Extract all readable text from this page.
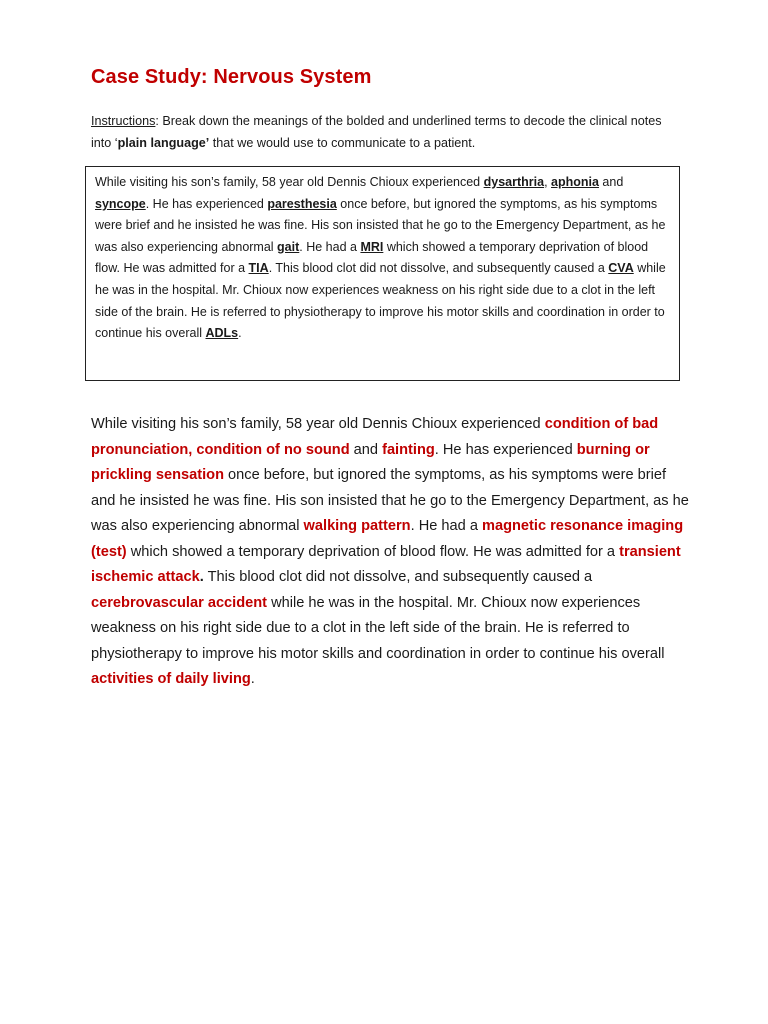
Case Study: Nervous System
Instructions: Break down the meanings of the bolded and underlined terms to decode the clinical notes into ‘plain language’ that we would use to communicate to a patient.
While visiting his son’s family, 58 year old Dennis Chioux experienced dysarthria, aphonia and syncope. He has experienced paresthesia once before, but ignored the symptoms, as his symptoms were brief and he insisted he was fine. His son insisted that he go to the Emergency Department, as he was also experiencing abnormal gait. He had a MRI which showed a temporary deprivation of blood flow. He was admitted for a TIA. This blood clot did not dissolve, and subsequently caused a CVA while he was in the hospital. Mr. Chioux now experiences weakness on his right side due to a clot in the left side of the brain. He is referred to physiotherapy to improve his motor skills and coordination in order to continue his overall ADLs.
While visiting his son’s family, 58 year old Dennis Chioux experienced condition of bad pronunciation, condition of no sound and fainting. He has experienced burning or prickling sensation once before, but ignored the symptoms, as his symptoms were brief and he insisted he was fine. His son insisted that he go to the Emergency Department, as he was also experiencing abnormal walking pattern. He had a magnetic resonance imaging (test) which showed a temporary deprivation of blood flow. He was admitted for a transient ischemic attack. This blood clot did not dissolve, and subsequently caused a cerebrovascular accident while he was in the hospital. Mr. Chioux now experiences weakness on his right side due to a clot in the left side of the brain. He is referred to physiotherapy to improve his motor skills and coordination in order to continue his overall activities of daily living.
